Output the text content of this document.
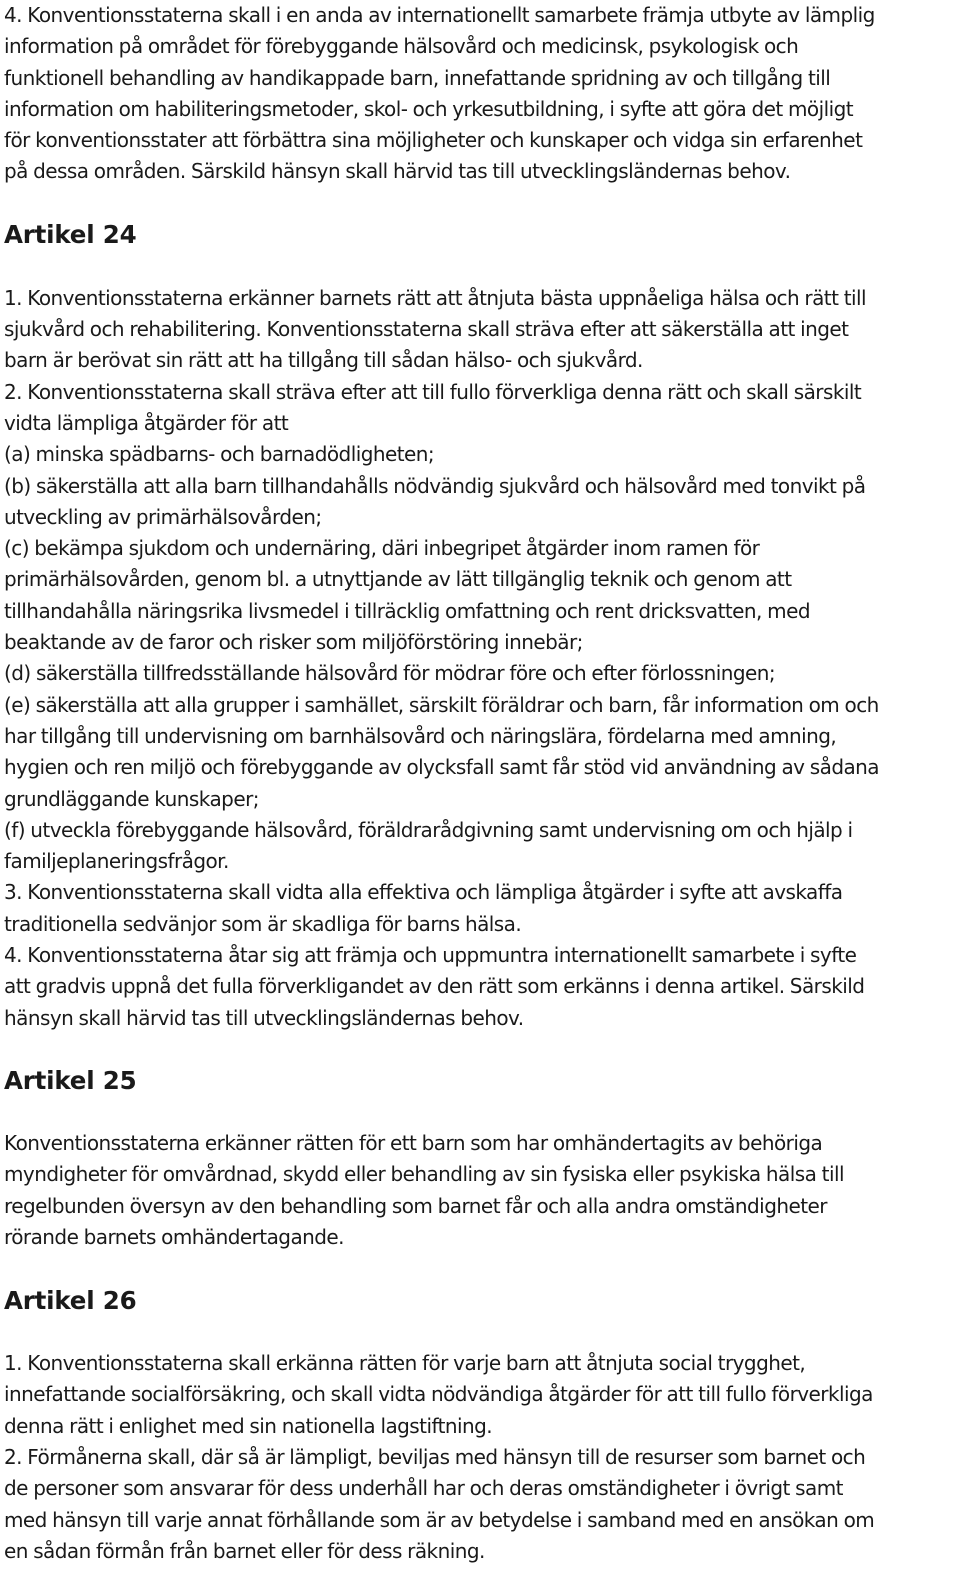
4. Konventionsstaterna skall i en anda av internationellt samarbete främja utbyte av lämplig
information på området för förebyggande hälsovård och medicinsk, psykologisk och
funktionell behandling av handikappade barn, innefattande spridning av och tillgång till
information om habiliteringsmetoder, skol- och yrkesutbildning, i syfte att göra det möjligt
för konventionsstater att förbättra sina möjligheter och kunskaper och vidga sin erfarenhet
på dessa områden. Särskild hänsyn skall härvid tas till utvecklingsländernas behov.

Artikel 24

1. Konventionsstaterna erkänner barnets rätt att åtnjuta bästa uppnåeliga hälsa och rätt till
sjukvård och rehabilitering. Konventionsstaterna skall sträva efter att säkerställa att inget
barn är berövat sin rätt att ha tillgång till sådan hälso- och sjukvård.
2. Konventionsstaterna skall sträva efter att till fullo förverkliga denna rätt och skall särskilt
vidta lämpliga åtgärder för att
(a) minska spädbarns- och barnadödligheten;
(b) säkerställa att alla barn tillhandahålls nödvändig sjukvård och hälsovård med tonvikt på
utveckling av primärhälsovården;
(c) bekämpa sjukdom och undernäring, däri inbegripet åtgärder inom ramen för
primärhälsovården, genom bl. a utnyttjande av lätt tillgänglig teknik och genom att
tillhandahålla näringsrika livsmedel i tillräcklig omfattning och rent dricksvatten, med
beaktande av de faror och risker som miljöförstöring innebär;
(d) säkerställa tillfredsställande hälsovård för mödrar före och efter förlossningen;
(e) säkerställa att alla grupper i samhället, särskilt föräldrar och barn, får information om och
har tillgång till undervisning om barnhälsovård och näringslära, fördelarna med amning,
hygien och ren miljö och förebyggande av olycksfall samt får stöd vid användning av sådana
grundläggande kunskaper;
(f) utveckla förebyggande hälsovård, föräldrarådgivning samt undervisning om och hjälp i
familjeplaneringsfrågor.
3. Konventionsstaterna skall vidta alla effektiva och lämpliga åtgärder i syfte att avskaffa
traditionella sedvänjor som är skadliga för barns hälsa.
4. Konventionsstaterna åtar sig att främja och uppmuntra internationellt samarbete i syfte
att gradvis uppnå det fulla förverkligandet av den rätt som erkänns i denna artikel. Särskild
hänsyn skall härvid tas till utvecklingsländernas behov.

Artikel 25

Konventionsstaterna erkänner rätten för ett barn som har omhändertagits av behöriga
myndigheter för omvårdnad, skydd eller behandling av sin fysiska eller psykiska hälsa till
regelbunden översyn av den behandling som barnet får och alla andra omständigheter
rörande barnets omhändertagande.

Artikel 26

1. Konventionsstaterna skall erkänna rätten för varje barn att åtnjuta social trygghet,
innefattande socialförsäkring, och skall vidta nödvändiga åtgärder för att till fullo förverkliga
denna rätt i enlighet med sin nationella lagstiftning.
2. Förmånerna skall, där så är lämpligt, beviljas med hänsyn till de resurser som barnet och
de personer som ansvarar för dess underhåll har och deras omständigheter i övrigt samt
med hänsyn till varje annat förhållande som är av betydelse i samband med en ansökan om
en sådan förmån från barnet eller för dess räkning.
